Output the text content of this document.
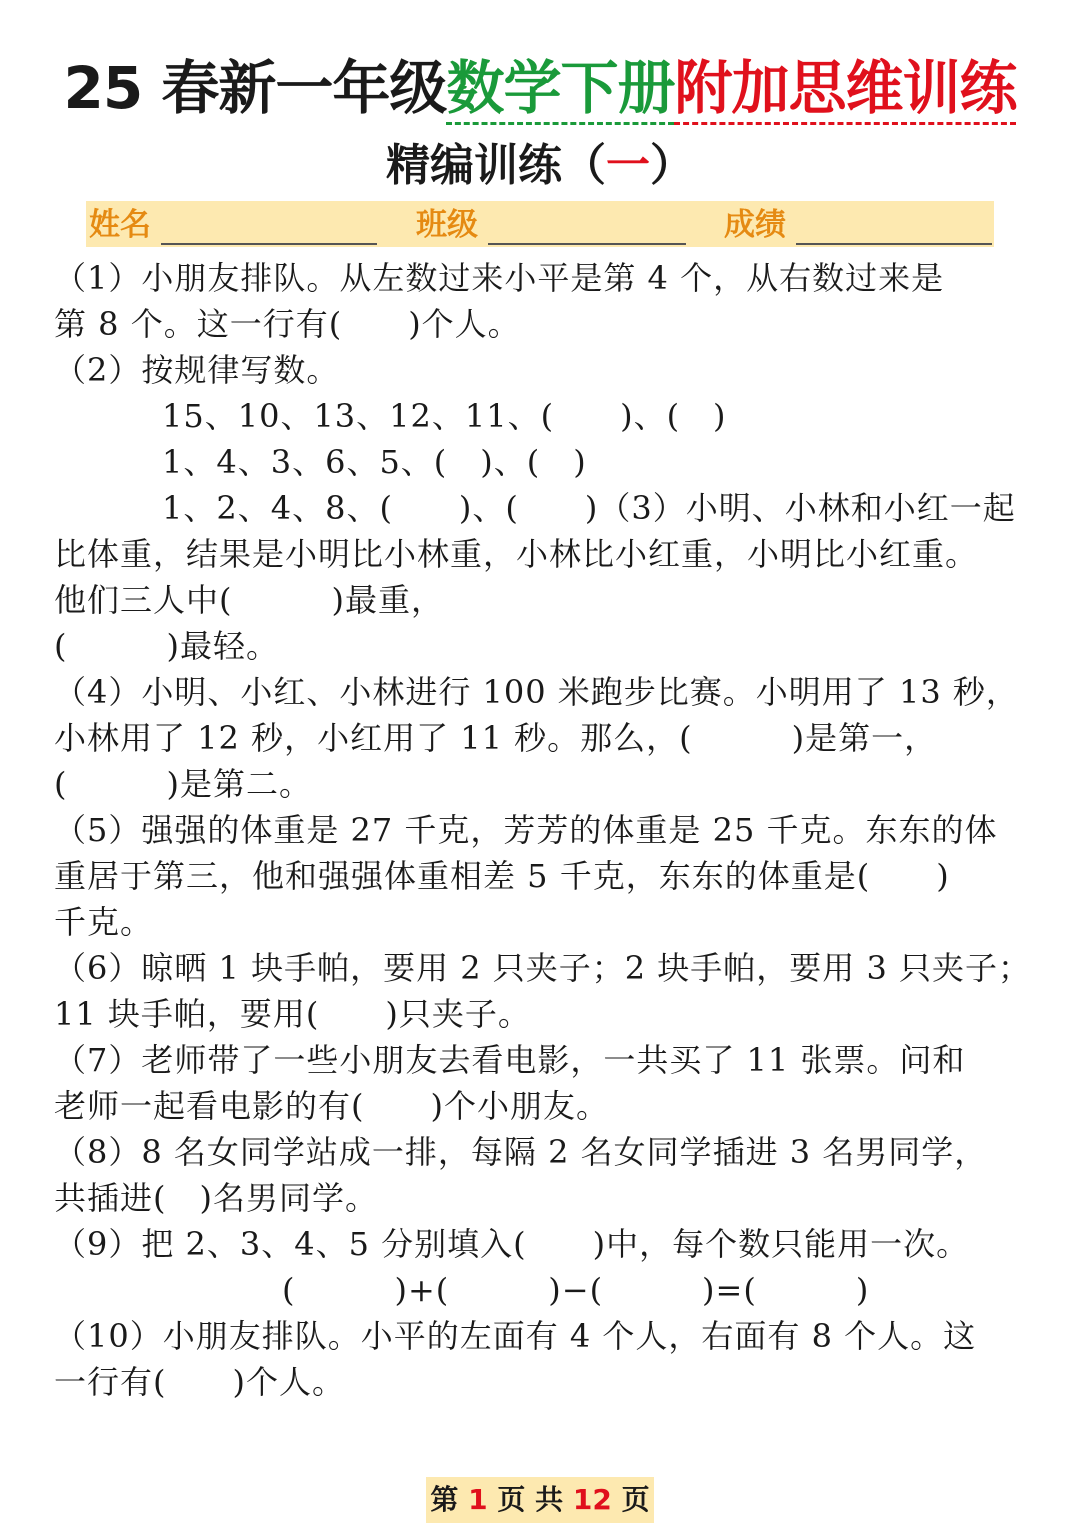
25 春新一年级数学下册附加思维训练
精编训练（一）
姓名	班级	成绩

（1）小朋友排队。从左数过来小平是第 4 个，从右数过来是

第 8 个。这一行有(　　)个人。

（2）按规律写数。

15、10、13、12、11、(　　)、(　)

1、4、3、6、5、(　)、(　)

1、2、4、8、(　　)、(　　)（3）小明、小林和小红一起

比体重，结果是小明比小林重，小林比小红重，小明比小红重。

他们三人中(　　　)最重，

(　　　)最轻。

（4）小明、小红、小林进行 100 米跑步比赛。小明用了 13 秒，

小林用了 12 秒，小红用了 11 秒。那么，(　　　)是第一，

(　　　)是第二。

（5）强强的体重是 27 千克，芳芳的体重是 25 千克。东东的体

重居于第三，他和强强体重相差 5 千克，东东的体重是(　　)

千克。

（6）晾晒 1 块手帕，要用 2 只夹子；2 块手帕，要用 3 只夹子；

11 块手帕，要用(　　)只夹子。

（7）老师带了一些小朋友去看电影，一共买了 11 张票。问和

老师一起看电影的有(　　)个小朋友。

（8）8 名女同学站成一排，每隔 2 名女同学插进 3 名男同学，

共插进(　)名男同学。

（9）把 2、3、4、5 分别填入(　　)中，每个数只能用一次。

(　　　)+(　　　)−(　　　)=(　　　)

（10）小朋友排队。小平的左面有 4 个人，右面有 8 个人。这

一行有(　　)个人。

第 1 页 共 12 页
